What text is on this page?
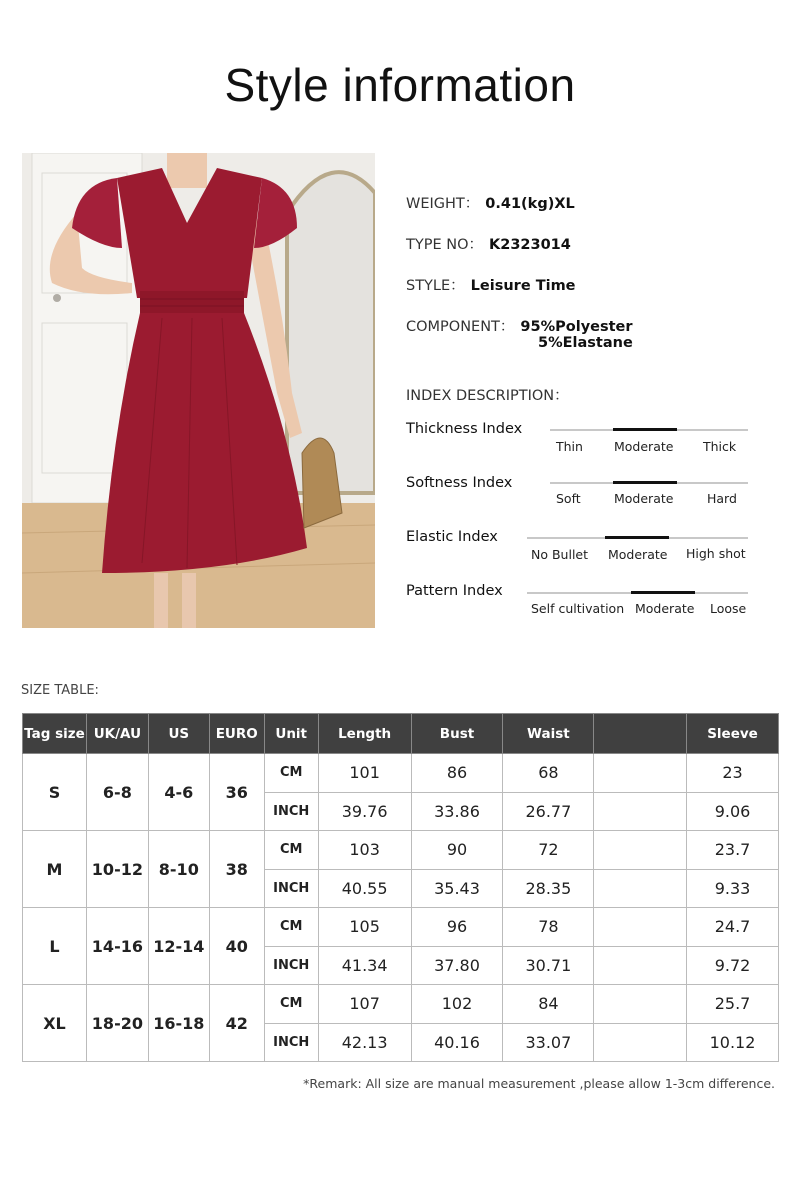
Style information
WEIGHT： 0.41(kg)XL
TYPE NO： K2323014
STYLE： Leisure Time
COMPONENT： 95%Polyester
5%Elastane
INDEX DESCRIPTION：
Thickness Index
Thin Moderate Thick
Softness Index
Soft	Moderate	Hard
Elastic Index
No Bullet Moderate High shot
Pattern Index
Self cultivation Moderate Loose
SIZE TABLE:
Tag size	UK/AU	US	EURO	Unit	Length	Bust	Waist		Sleeve
S	6-8	4-6	36	CM	101	86	68		23
				INCH	39.76	33.86	26.77		9.06
M	10-12	8-10	38	CM	103	90	72		23.7
				INCH	40.55	35.43	28.35		9.33
L	14-16	12-14	40	CM	105	96	78		24.7
				INCH	41.34	37.80	30.71		9.72
XL	18-20	16-18	42	CM	107	102	84		25.7
				INCH	42.13	40.16	33.07		10.12
*Remark: All size are manual measurement ,please allow 1-3cm difference.
